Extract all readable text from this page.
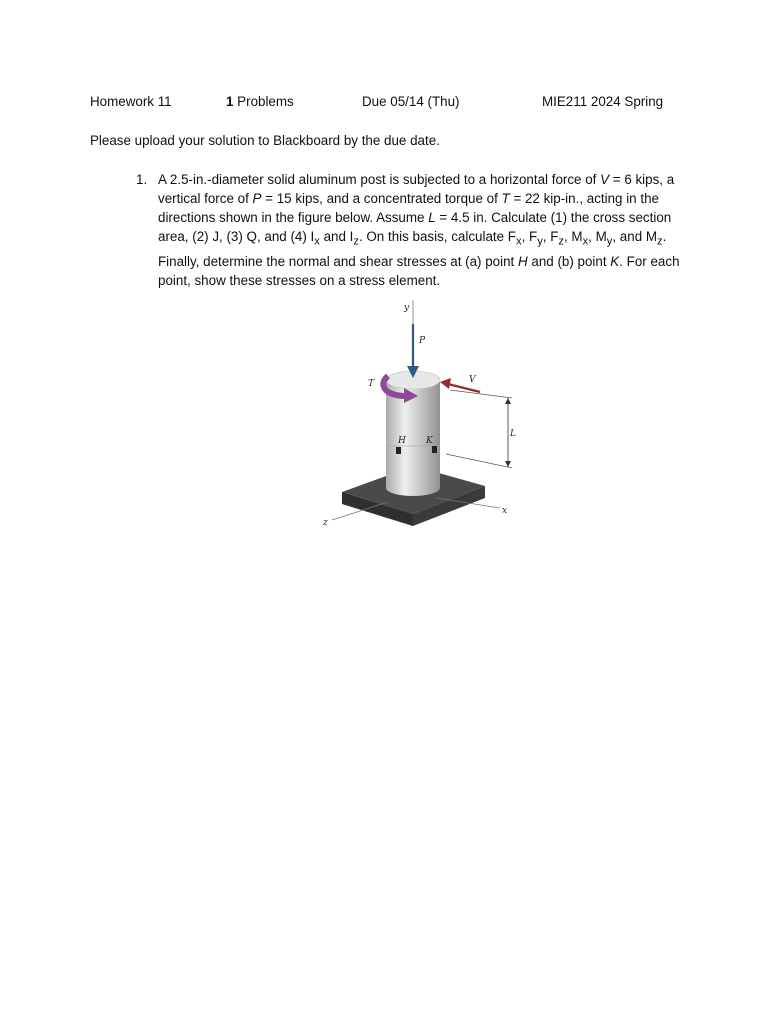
Homework 11	1 Problems	Due 05/14 (Thu)	MIE211 2024 Spring
Please upload your solution to Blackboard by the due date.
1. A 2.5-in.-diameter solid aluminum post is subjected to a horizontal force of V = 6 kips, a vertical force of P = 15 kips, and a concentrated torque of T = 22 kip-in., acting in the directions shown in the figure below. Assume L = 4.5 in. Calculate (1) the cross section area, (2) J, (3) Q, and (4) $I_x$ and $I_z$. On this basis, calculate $F_x$, $F_y$, $F_z$, $M_x$, $M_y$, and $M_z$. Finally, determine the normal and shear stresses at (a) point H and (b) point K. For each point, show these stresses on a stress element.
y
x
z
H K
T
P
V
L
